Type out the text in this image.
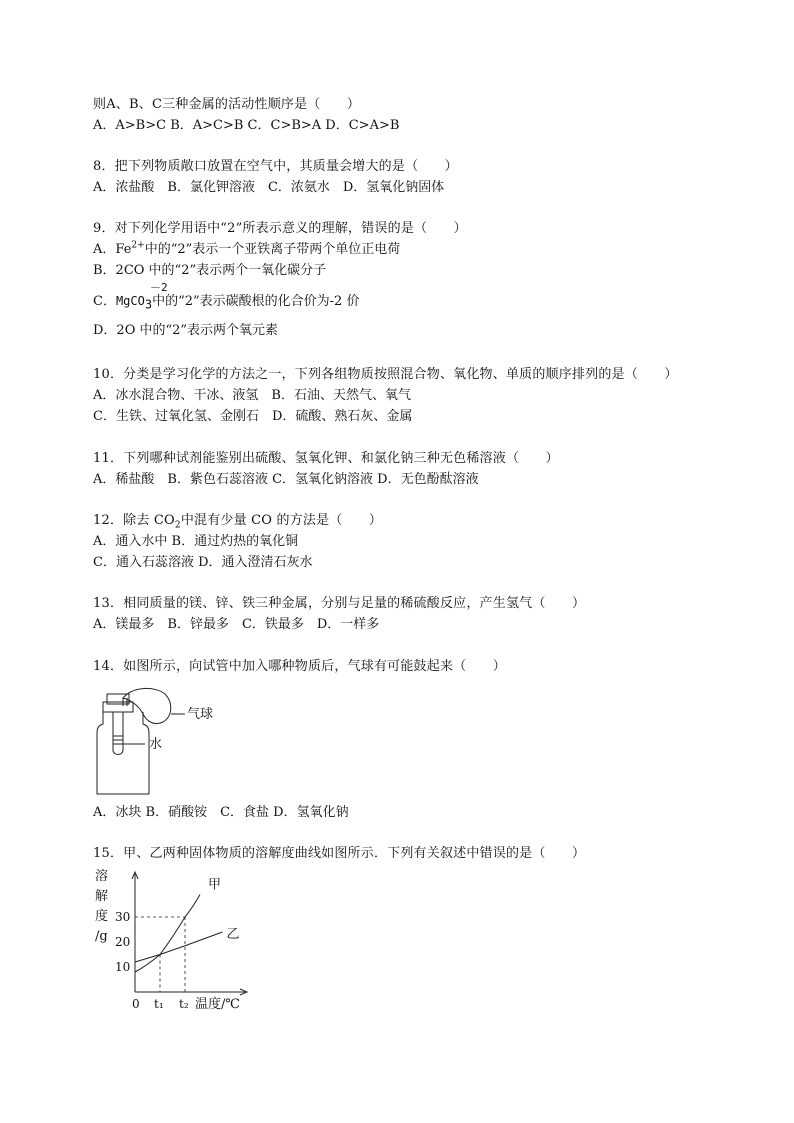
则A、B、C三种金属的活动性顺序是（　　）
A．A>B>C B．A>C>B C．C>B>A D．C>A>B
8．把下列物质敞口放置在空气中，其质量会增大的是（　　）
A．浓盐酸　B．氯化钾溶液　C．浓氨水　D．氢氧化钠固体
9．对下列化学用语中“2”所表示意义的理解，错误的是（　　）
A．$Fe^{2+}$中的“2”表示一个亚铁离子带两个单位正电荷
B．2CO 中的“2”表示两个一氧化碳分子
C．
－2
MgCO$_3$中的“2”表示碳酸根的化合价为-2 价
D．2O 中的“2”表示两个氧元素
10．分类是学习化学的方法之一，下列各组物质按照混合物、氧化物、单质的顺序排列的是（　　）
A．冰水混合物、干冰、液氢　B．石油、天然气、氧气
C．生铁、过氧化氢、金刚石　D．硫酸、熟石灰、金属
11．下列哪种试剂能鉴别出硫酸、氢氧化钾、和氯化钠三种无色稀溶液（　　）
A．稀盐酸　B．紫色石蕊溶液 C．氢氧化钠溶液 D．无色酚酞溶液
12．除去 $CO_2$中混有少量 CO 的方法是（　　）
A．通入水中 B．通过灼热的氧化铜
C．通入石蕊溶液 D．通入澄清石灰水
13．相同质量的镁、锌、铁三种金属，分别与足量的稀硫酸反应，产生氢气（　　）
A．镁最多　B．锌最多　C．铁最多　D．一样多
14．如图所示，向试管中加入哪种物质后，气球有可能鼓起来（　　）
气球
水
A．冰块 B．硝酸铵　C．食盐 D．氢氧化钠
15．甲、乙两种固体物质的溶解度曲线如图所示．下列有关叙述中错误的是（　　）
溶
解
度
/g
10
20
30
0 t₁ t₂ 温度/℃
甲
乙
